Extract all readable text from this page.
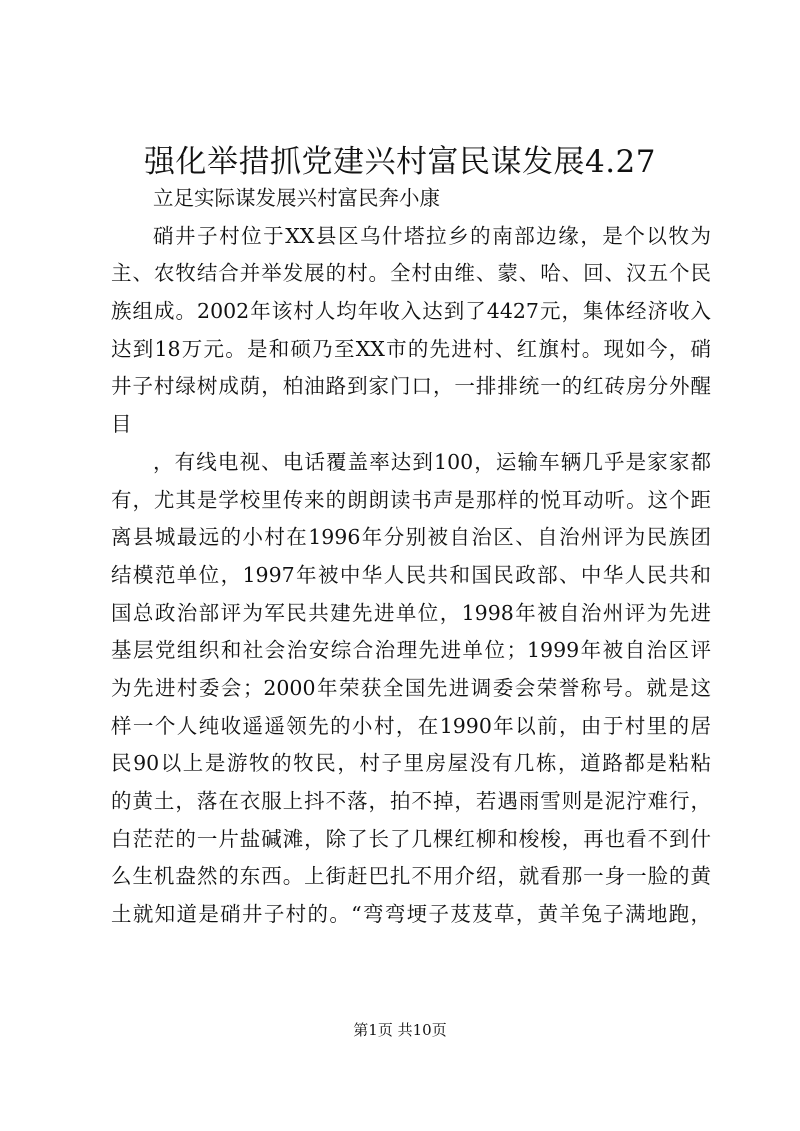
强化举措抓党建兴村富民谋发展4.27
立足实际谋发展兴村富民奔小康
硝井子村位于XX县区乌什塔拉乡的南部边缘，是个以牧为
主、农牧结合并举发展的村。全村由维、蒙、哈、回、汉五个民
族组成。2002年该村人均年收入达到了4427元，集体经济收入
达到18万元。是和硕乃至XX市的先进村、红旗村。现如今，硝
井子村绿树成荫，柏油路到家门口，一排排统一的红砖房分外醒
目
，有线电视、电话覆盖率达到100，运输车辆几乎是家家都
有，尤其是学校里传来的朗朗读书声是那样的悦耳动听。这个距
离县城最远的小村在1996年分别被自治区、自治州评为民族团
结模范单位，1997年被中华人民共和国民政部、中华人民共和
国总政治部评为军民共建先进单位，1998年被自治州评为先进
基层党组织和社会治安综合治理先进单位；1999年被自治区评
为先进村委会；2000年荣获全国先进调委会荣誉称号。就是这
样一个人纯收遥遥领先的小村，在1990年以前，由于村里的居
民90以上是游牧的牧民，村子里房屋没有几栋，道路都是粘粘
的黄土，落在衣服上抖不落，拍不掉，若遇雨雪则是泥泞难行，
白茫茫的一片盐碱滩，除了长了几棵红柳和梭梭，再也看不到什
么生机盎然的东西。上街赶巴扎不用介绍，就看那一身一脸的黄
土就知道是硝井子村的。“弯弯埂子芨芨草，黄羊兔子满地跑，
第1页 共10页
